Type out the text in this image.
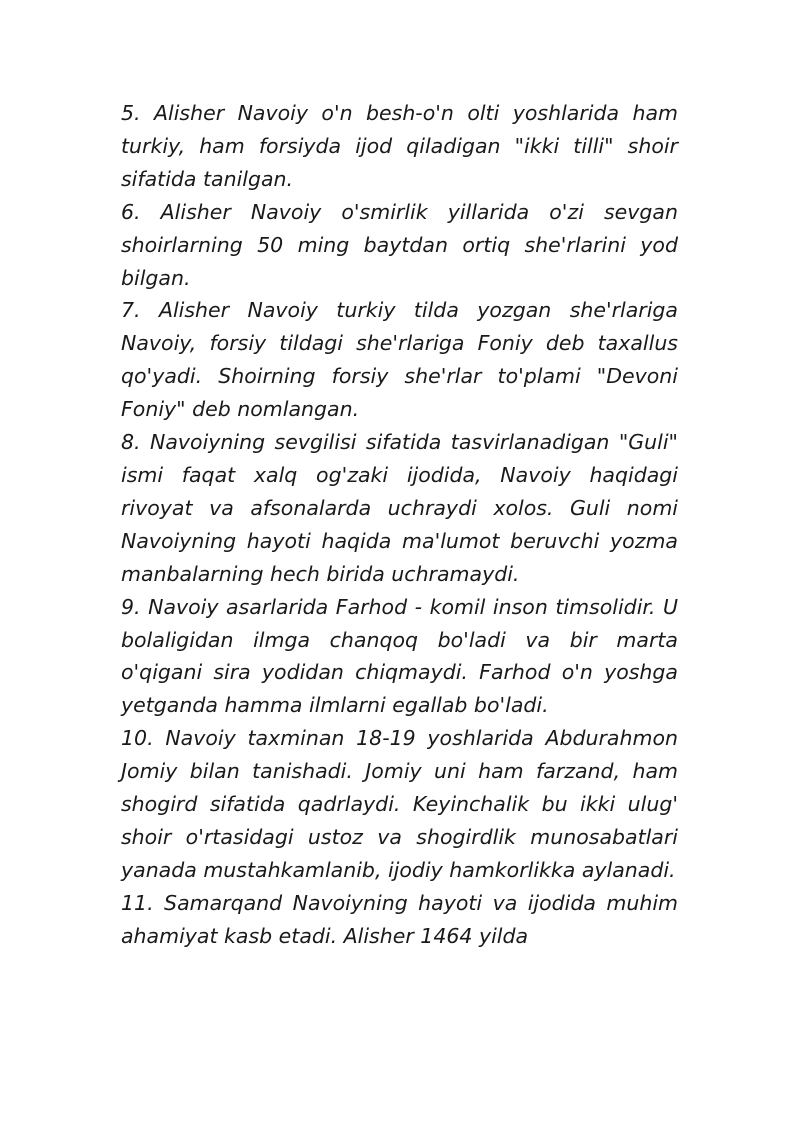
5. Alisher Navoiy o'n besh-o'n olti yoshlarida ham turkiy, ham forsiyda ijod qiladigan "ikki tilli" shoir sifatida tanilgan.

6. Alisher Navoiy o'smirlik yillarida o'zi sevgan shoirlarning 50 ming baytdan ortiq she'rlarini yod bilgan.

7. Alisher Navoiy turkiy tilda yozgan she'rlariga Navoiy, forsiy tildagi she'rlariga Foniy deb taxallus qo'yadi. Shoirning forsiy she'rlar to'plami "Devoni Foniy" deb nomlangan.

8. Navoiyning sevgilisi sifatida tasvirlanadigan "Guli" ismi faqat xalq og'zaki ijodida, Navoiy haqidagi rivoyat va afsonalarda uchraydi xolos. Guli nomi Navoiyning hayoti haqida ma'lumot beruvchi yozma manbalarning hech birida uchramaydi.

9. Navoiy asarlarida Farhod - komil inson timsolidir. U bolaligidan ilmga chanqoq bo'ladi va bir marta o'qigani sira yodidan chiqmaydi. Farhod o'n yoshga yetganda hamma ilmlarni egallab bo'ladi.

10. Navoiy taxminan 18-19 yoshlarida Abdurahmon Jomiy bilan tanishadi. Jomiy uni ham farzand, ham shogird sifatida qadrlaydi. Keyinchalik bu ikki ulug' shoir o'rtasidagi ustoz va shogirdlik munosabatlari yanada mustahkamlanib, ijodiy hamkorlikka aylanadi.

11. Samarqand Navoiyning hayoti va ijodida muhim ahamiyat kasb etadi. Alisher 1464 yilda
